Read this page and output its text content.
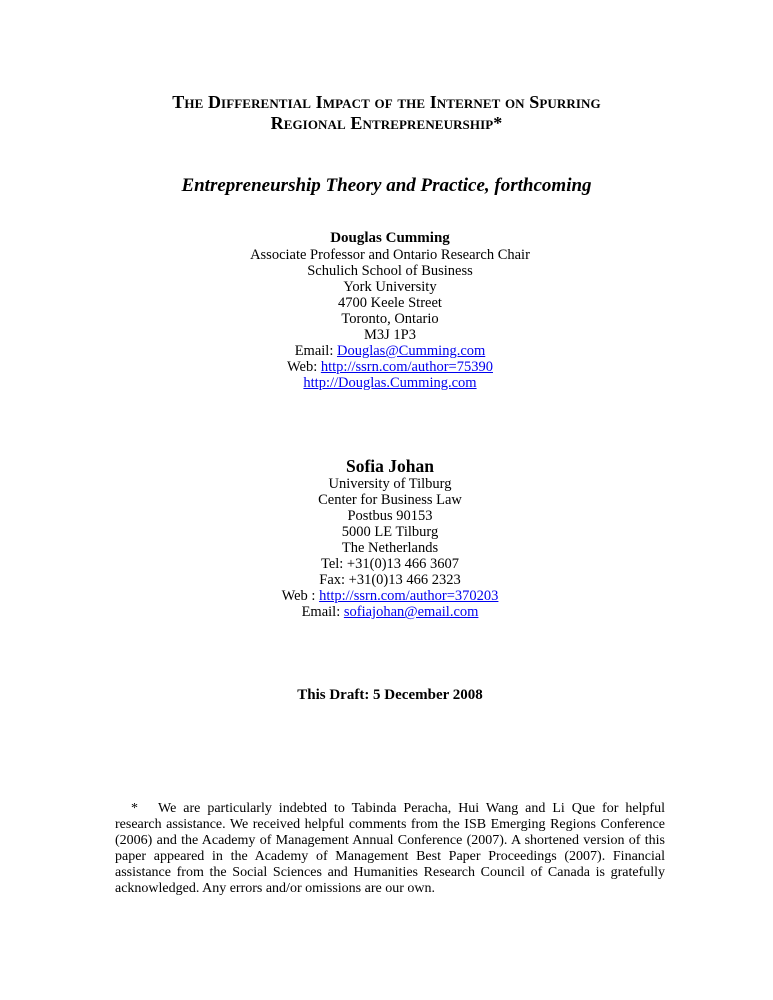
The Differential Impact of the Internet on Spurring
Regional Entrepreneurship*
Entrepreneurship Theory and Practice, forthcoming
Douglas Cumming
Associate Professor and Ontario Research Chair
Schulich School of Business
York University
4700 Keele Street
Toronto, Ontario
M3J 1P3
Email: Douglas@Cumming.com
Web: http://ssrn.com/author=75390
http://Douglas.Cumming.com
Sofia Johan
University of Tilburg
Center for Business Law
Postbus 90153
5000 LE Tilburg
The Netherlands
Tel: +31(0)13 466 3607
Fax: +31(0)13 466 2323
Web : http://ssrn.com/author=370203
Email: sofiajohan@email.com
This Draft: 5 December 2008
* We are particularly indebted to Tabinda Peracha, Hui Wang and Li Que for helpful research assistance. We received helpful comments from the ISB Emerging Regions Conference (2006) and the Academy of Management Annual Conference (2007). A shortened version of this paper appeared in the Academy of Management Best Paper Proceedings (2007). Financial assistance from the Social Sciences and Humanities Research Council of Canada is gratefully acknowledged. Any errors and/or omissions are our own.
